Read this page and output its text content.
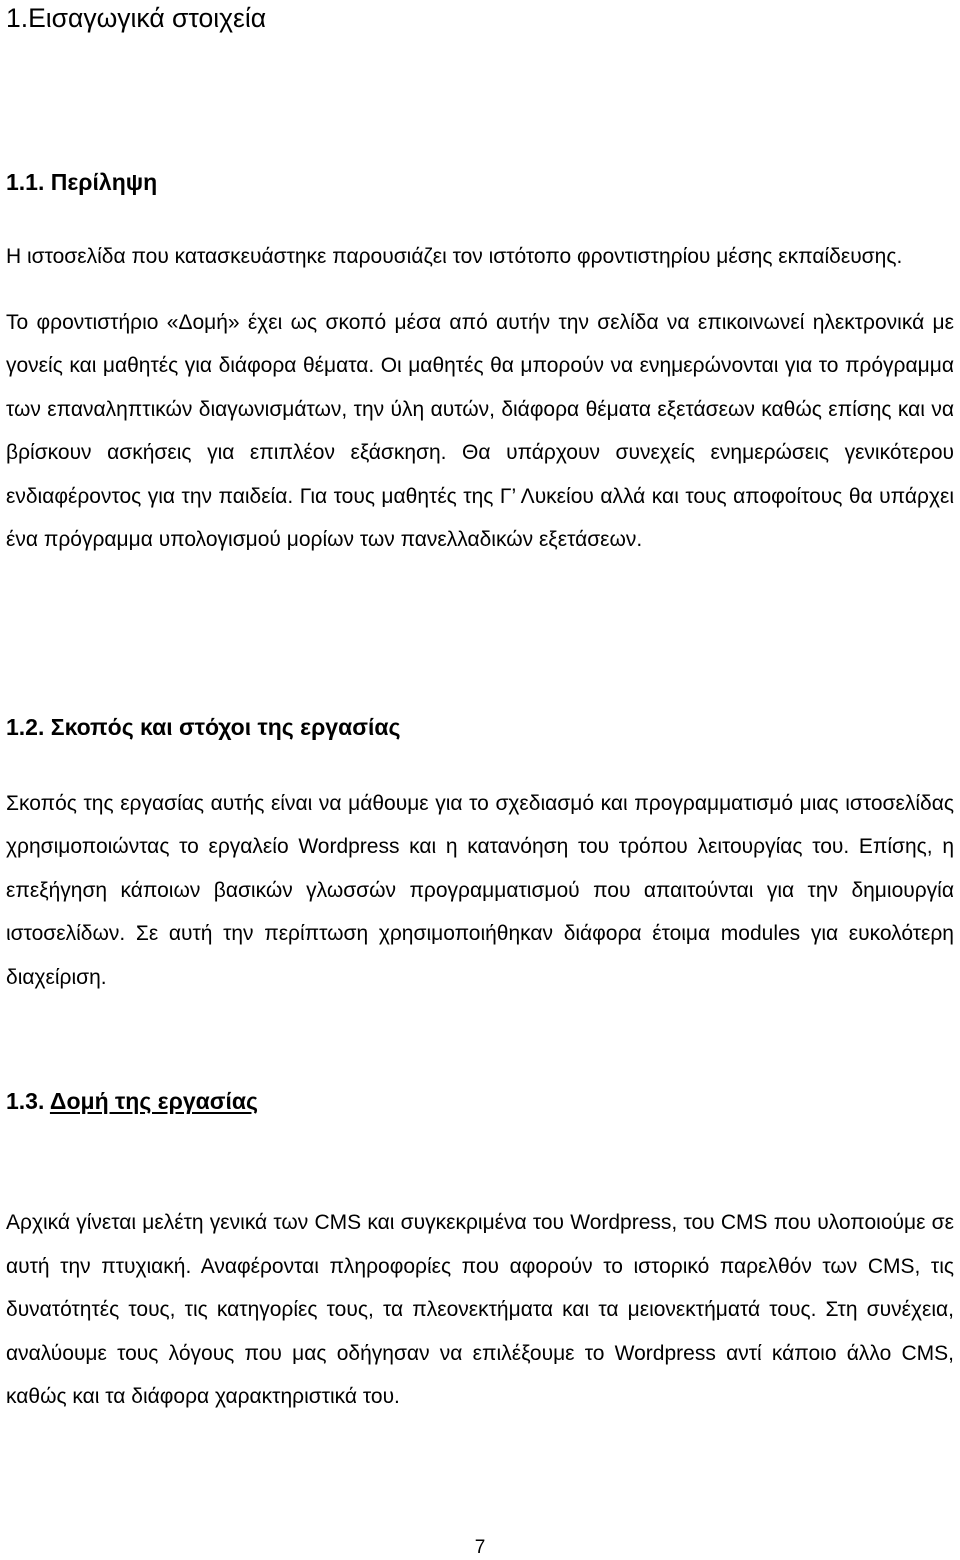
1.Εισαγωγικά στοιχεία
1.1. Περίληψη

Η ιστοσελίδα που κατασκευάστηκε παρουσιάζει τον ιστότοπο φροντιστηρίου μέσης εκπαίδευσης.

Το φροντιστήριο «Δομή» έχει ως σκοπό μέσα από αυτήν την σελίδα να επικοινωνεί ηλεκτρονικά με γονείς και μαθητές για διάφορα θέματα. Οι μαθητές θα μπορούν να ενημερώνονται για το πρόγραμμα των επαναληπτικών διαγωνισμάτων, την ύλη αυτών, διάφορα θέματα εξετάσεων καθώς επίσης και να βρίσκουν ασκήσεις για επιπλέον εξάσκηση. Θα υπάρχουν συνεχείς ενημερώσεις γενικότερου ενδιαφέροντος για την παιδεία. Για τους μαθητές της Γ’ Λυκείου αλλά και τους αποφοίτους θα υπάρχει ένα πρόγραμμα υπολογισμού μορίων των πανελλαδικών εξετάσεων.

1.2. Σκοπός και στόχοι της εργασίας

Σκοπός της εργασίας αυτής είναι να μάθουμε για το σχεδιασμό και προγραμματισμό μιας ιστοσελίδας χρησιμοποιώντας το εργαλείο Wordpress και η κατανόηση του τρόπου λειτουργίας του. Επίσης, η επεξήγηση κάποιων βασικών γλωσσών προγραμματισμού που απαιτούνται για την δημιουργία ιστοσελίδων. Σε αυτή την περίπτωση χρησιμοποιήθηκαν διάφορα έτοιμα modules για ευκολότερη διαχείριση.

1.3. Δομή της εργασίας

Αρχικά γίνεται μελέτη γενικά των CMS και συγκεκριμένα του Wordpress, του CMS που υλοποιούμε σε αυτή την πτυχιακή. Αναφέρονται πληροφορίες που αφορούν το ιστορικό παρελθόν των CMS, τις δυνατότητές τους, τις κατηγορίες τους, τα πλεονεκτήματα και τα μειονεκτήματά τους. Στη συνέχεια, αναλύουμε τους λόγους που μας οδήγησαν να επιλέξουμε το Wordpress αντί κάποιο άλλο CMS, καθώς και τα διάφορα χαρακτηριστικά του.

7
